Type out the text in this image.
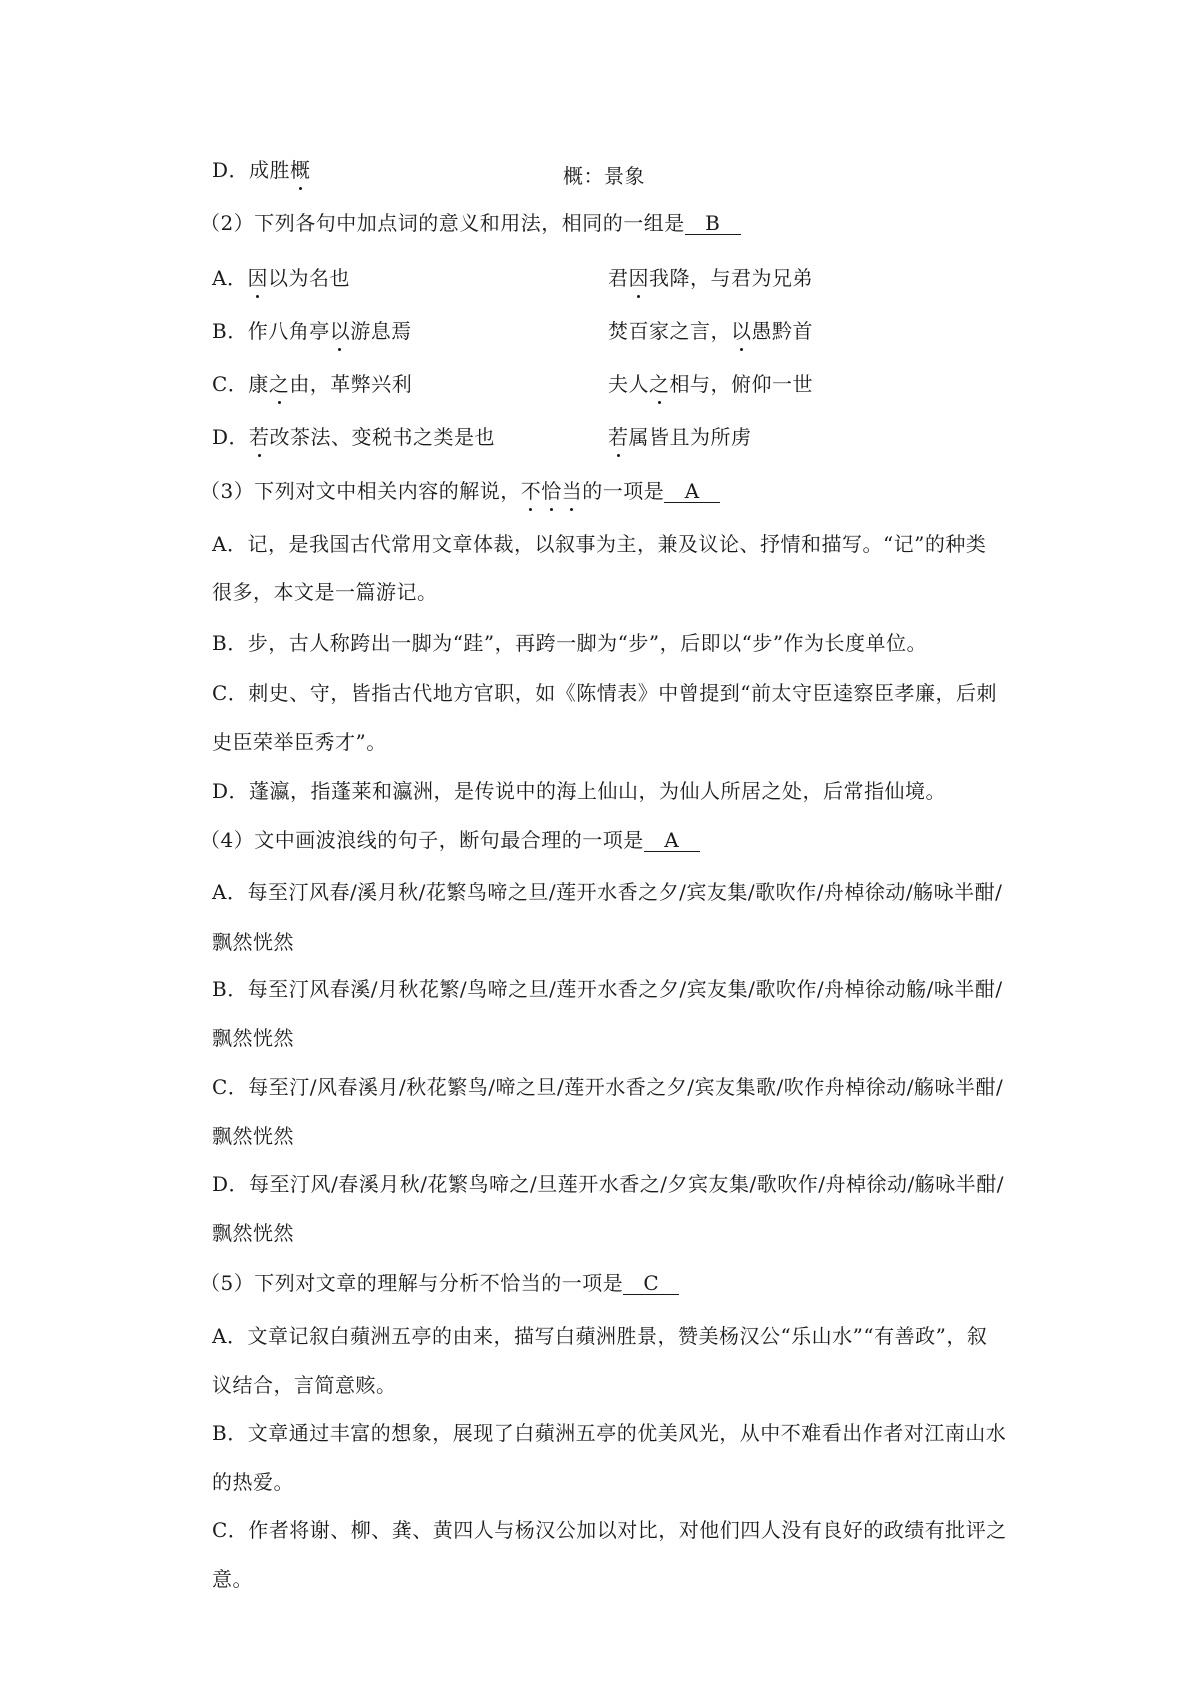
D．成胜概	概：景象
（2）下列各句中加点词的意义和用法，相同的一组是 B
A．因以为名也	君因我降，与君为兄弟
B．作八角亭以游息焉	焚百家之言，以愚黔首
C．康之由，革弊兴利	夫人之相与，俯仰一世
D．若改茶法、变税书之类是也	若属皆且为所虏
（3）下列对文中相关内容的解说，不恰当的一项是 A
A．记，是我国古代常用文章体裁，以叙事为主，兼及议论、抒情和描写。“记”的种类
很多，本文是一篇游记。
B．步，古人称跨出一脚为“跬”，再跨一脚为“步”，后即以“步”作为长度单位。
C．刺史、守，皆指古代地方官职，如《陈情表》中曾提到“前太守臣逵察臣孝廉，后刺
史臣荣举臣秀才”。
D．蓬瀛，指蓬莱和瀛洲，是传说中的海上仙山，为仙人所居之处，后常指仙境。
（4）文中画波浪线的句子，断句最合理的一项是 A
A．每至汀风春/溪月秋/花繁鸟啼之旦/莲开水香之夕/宾友集/歌吹作/舟棹徐动/觞咏半酣/
飘然恍然
B．每至汀风春溪/月秋花繁/鸟啼之旦/莲开水香之夕/宾友集/歌吹作/舟棹徐动觞/咏半酣/
飘然恍然
C．每至汀/风春溪月/秋花繁鸟/啼之旦/莲开水香之夕/宾友集歌/吹作舟棹徐动/觞咏半酣/
飘然恍然
D．每至汀风/春溪月秋/花繁鸟啼之/旦莲开水香之/夕宾友集/歌吹作/舟棹徐动/觞咏半酣/
飘然恍然
（5）下列对文章的理解与分析不恰当的一项是 C
A．文章记叙白蘋洲五亭的由来，描写白蘋洲胜景，赞美杨汉公“乐山水”“有善政”，叙
议结合，言简意赅。
B．文章通过丰富的想象，展现了白蘋洲五亭的优美风光，从中不难看出作者对江南山水
的热爱。
C．作者将谢、柳、龚、黄四人与杨汉公加以对比，对他们四人没有良好的政绩有批评之
意。
